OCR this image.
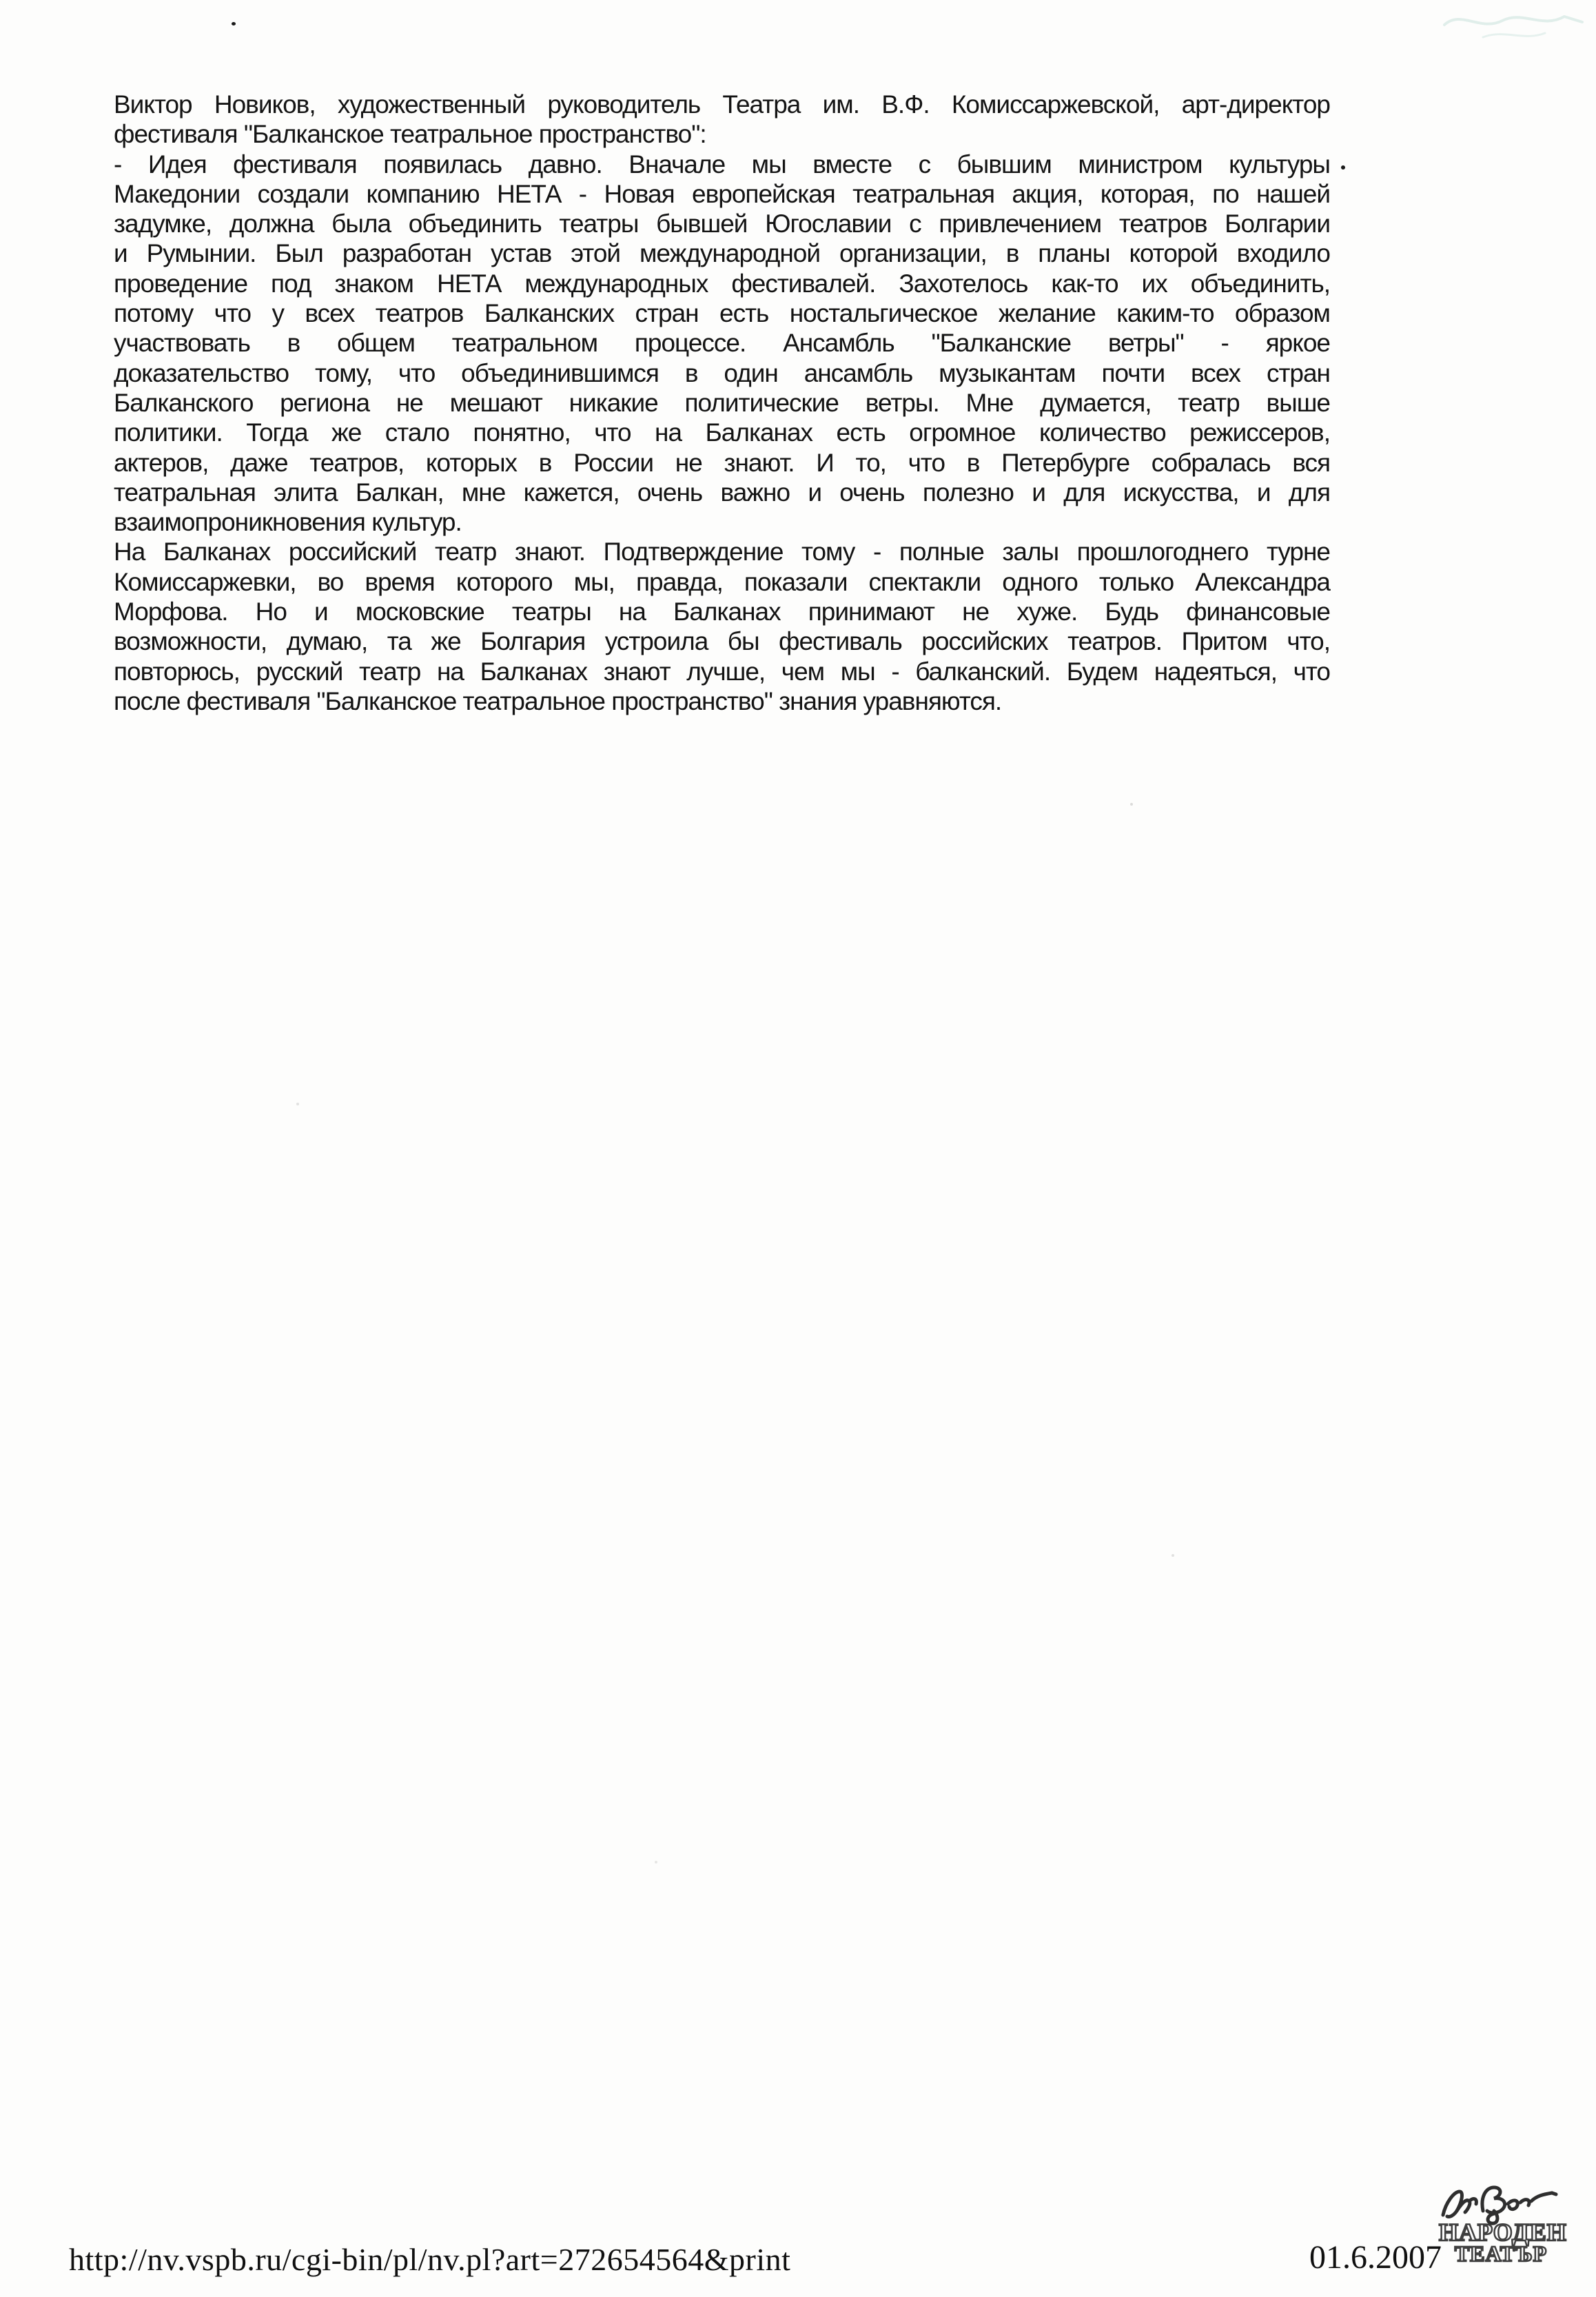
Виктор Новиков, художественный руководитель Театра им. В.Ф. Комиссаржевской, арт-директор
фестиваля "Балканское театральное пространство":
- Идея фестиваля появилась давно. Вначале мы вместе с бывшим министром культуры
Македонии создали компанию НЕТА - Новая европейская театральная акция, которая, по нашей
задумке, должна была объединить театры бывшей Югославии с привлечением театров Болгарии
и Румынии. Был разработан устав этой международной организации, в планы которой входило
проведение под знаком НЕТА международных фестивалей. Захотелось как-то их объединить,
потому что у всех театров Балканских стран есть ностальгическое желание каким-то образом
участвовать в общем театральном процессе. Ансамбль "Балканские ветры" - яркое
доказательство тому, что объединившимся в один ансамбль музыкантам почти всех стран
Балканского региона не мешают никакие политические ветры. Мне думается, театр выше
политики. Тогда же стало понятно, что на Балканах есть огромное количество режиссеров,
актеров, даже театров, которых в России не знают. И то, что в Петербурге собралась вся
театральная элита Балкан, мне кажется, очень важно и очень полезно и для искусства, и для
взаимопроникновения культур.
На Балканах российский театр знают. Подтверждение тому - полные залы прошлогоднего турне
Комиссаржевки, во время которого мы, правда, показали спектакли одного только Александра
Морфова. Но и московские театры на Балканах принимают не хуже. Будь финансовые
возможности, думаю, та же Болгария устроила бы фестиваль российских театров. Притом что,
повторюсь, русский театр на Балканах знают лучше, чем мы - балканский. Будем надеяться, что
после фестиваля "Балканское театральное пространство" знания уравняются.
http://nv.vspb.ru/cgi-bin/pl/nv.pl?art=272654564&print	01.6.2007
НАРОДЕН
ТЕАТЪР
